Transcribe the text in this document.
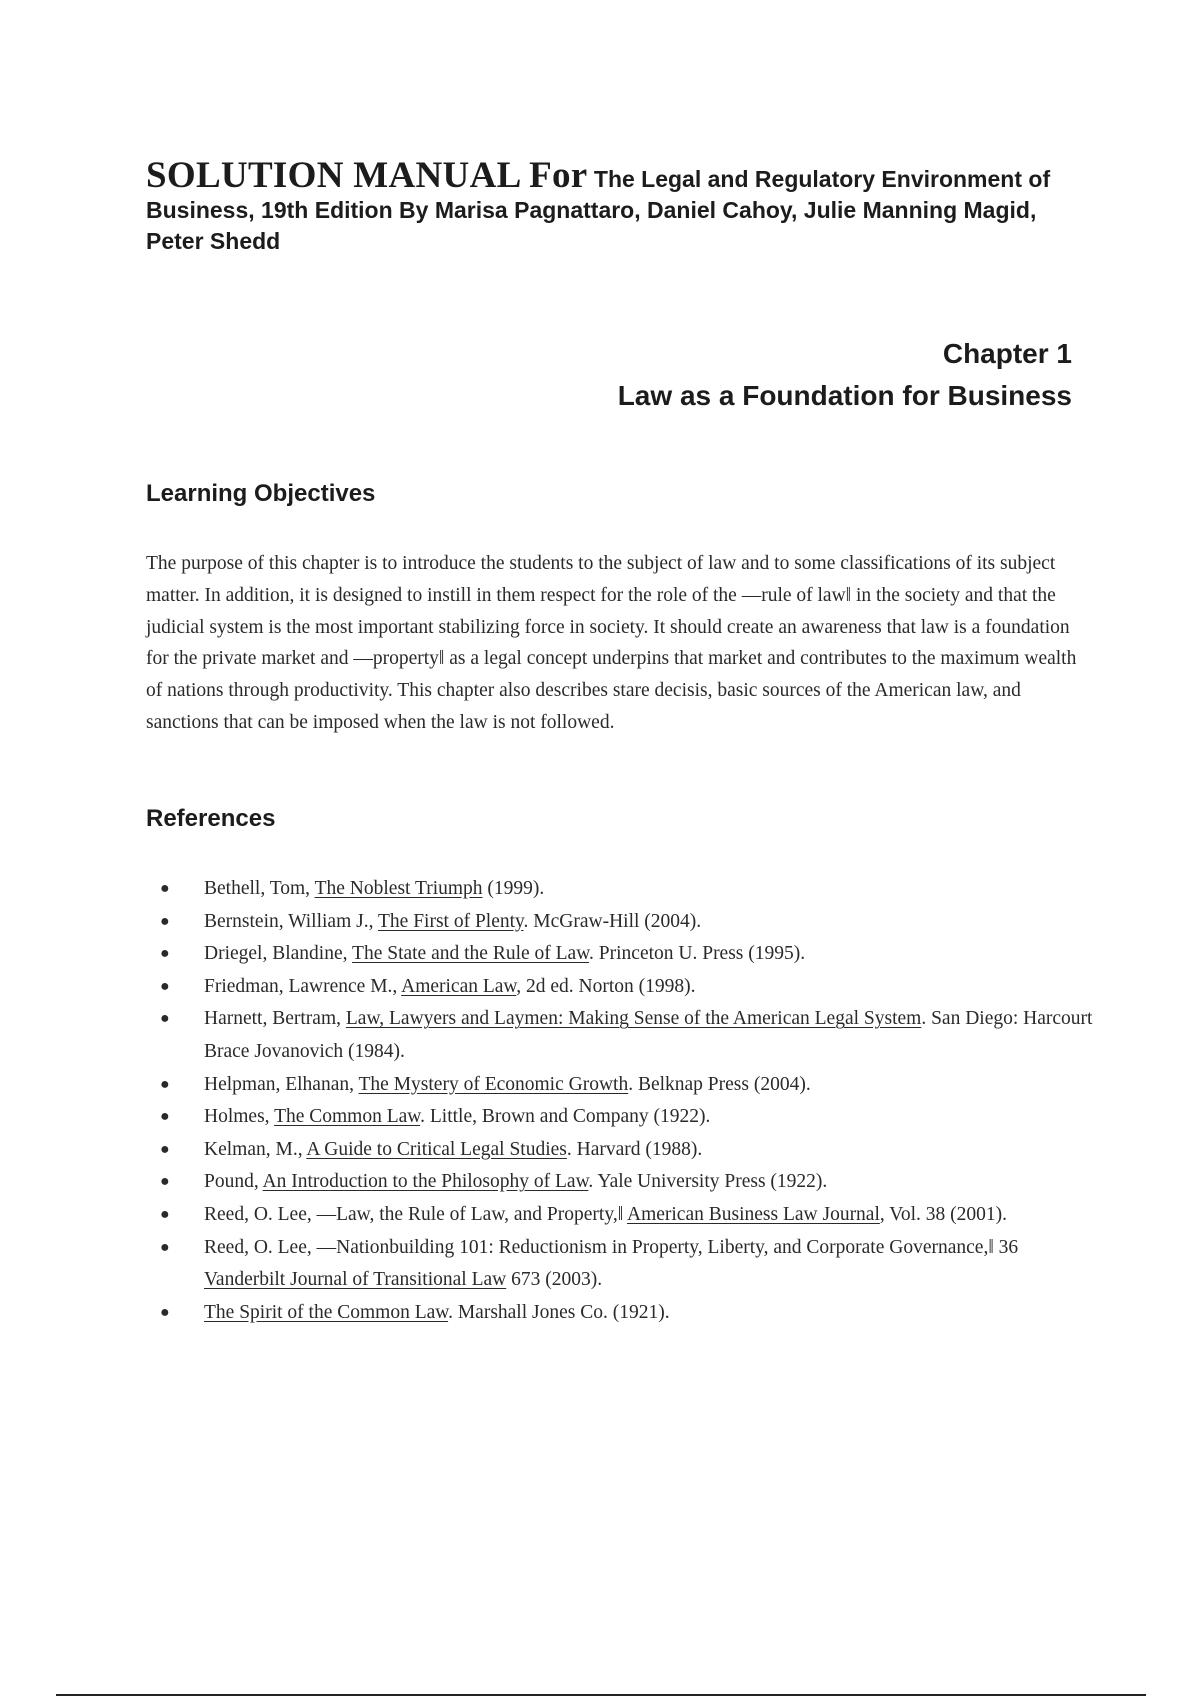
SOLUTION MANUAL For The Legal and Regulatory Environment of Business, 19th Edition By Marisa Pagnattaro, Daniel Cahoy, Julie Manning Magid, Peter Shedd
Chapter 1
Law as a Foundation for Business
Learning Objectives
The purpose of this chapter is to introduce the students to the subject of law and to some classifications of its subject matter. In addition, it is designed to instill in them respect for the role of the —rule of law‖ in the society and that the judicial system is the most important stabilizing force in society. It should create an awareness that law is a foundation for the private market and —property‖ as a legal concept underpins that market and contributes to the maximum wealth of nations through productivity. This chapter also describes stare decisis, basic sources of the American law, and sanctions that can be imposed when the law is not followed.
References
● Bethell, Tom, The Noblest Triumph (1999).
● Bernstein, William J., The First of Plenty. McGraw-Hill (2004).
● Driegel, Blandine, The State and the Rule of Law. Princeton U. Press (1995).
● Friedman, Lawrence M., American Law, 2d ed. Norton (1998).
● Harnett, Bertram, Law, Lawyers and Laymen: Making Sense of the American Legal System. San Diego: Harcourt Brace Jovanovich (1984).
● Helpman, Elhanan, The Mystery of Economic Growth. Belknap Press (2004).
● Holmes, The Common Law. Little, Brown and Company (1922).
● Kelman, M., A Guide to Critical Legal Studies. Harvard (1988).
● Pound, An Introduction to the Philosophy of Law. Yale University Press (1922).
● Reed, O. Lee, —Law, the Rule of Law, and Property,‖ American Business Law Journal, Vol. 38 (2001).
● Reed, O. Lee, —Nationbuilding 101: Reductionism in Property, Liberty, and Corporate Governance,‖ 36 Vanderbilt Journal of Transitional Law 673 (2003).
● The Spirit of the Common Law. Marshall Jones Co. (1921).
